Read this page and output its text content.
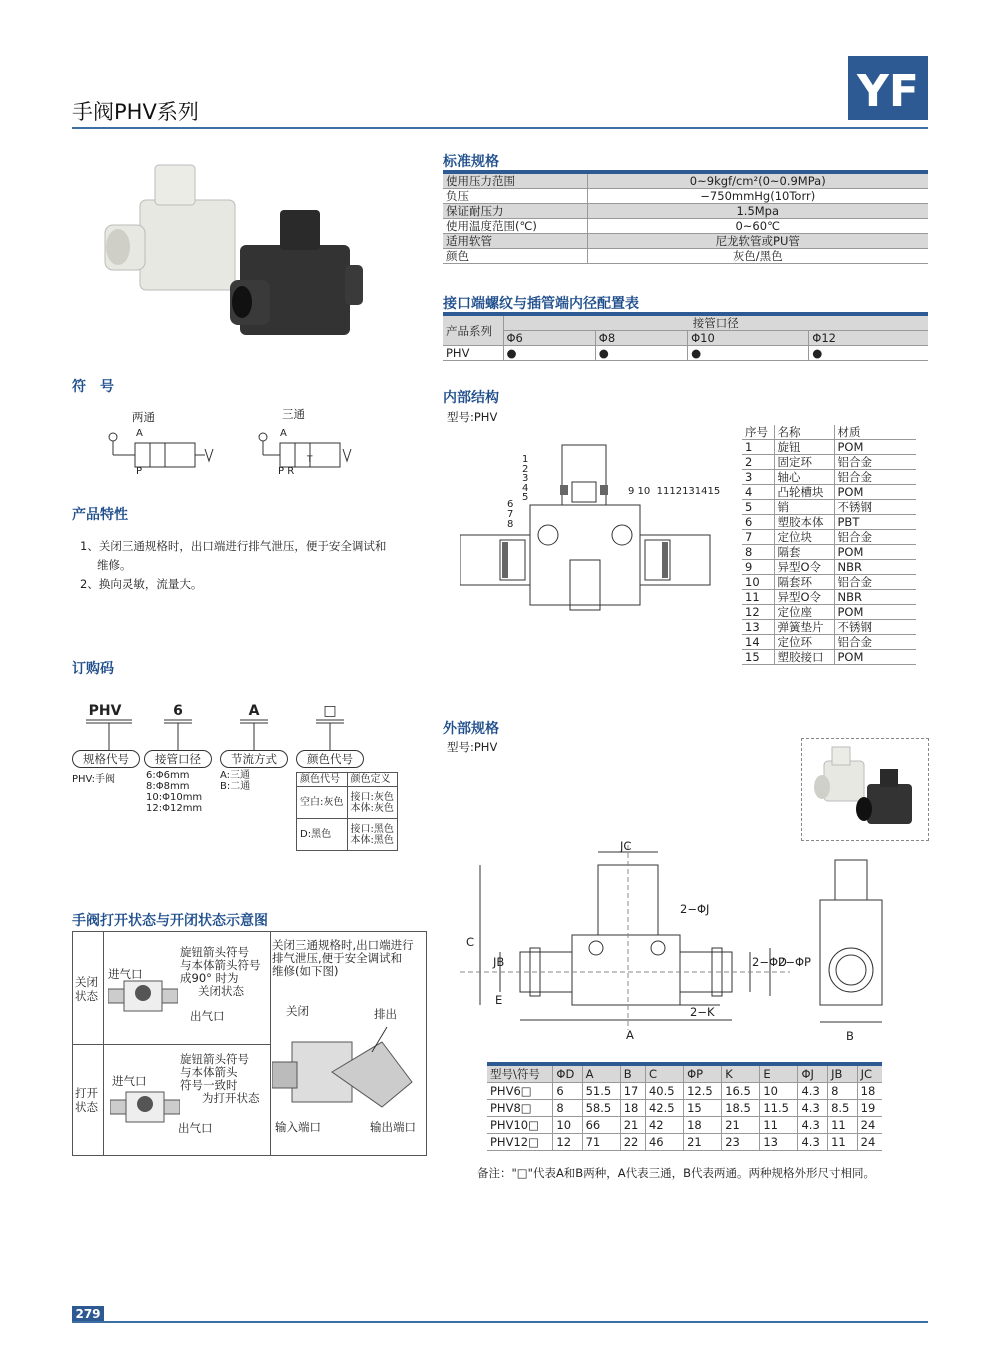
手阀PHV系列	YF
符　号
两通	三通
A
P
A
P R
T
产品特性
1、关闭三通规格时，出口端进行排气泄压，便于安全调试和
维修。
2、换向灵敏，流量大。
订购码
PHV	6	A	□
规格代号	接管口径	节流方式	颜色代号
PHV:手阀	6:Φ6mm
8:Φ8mm
10:Φ10mm
12:Φ12mm
A:三通
B:二通
颜色代号	颜色定义
空白:灰色	接口:灰色
本体:灰色

D:黑色	接口:黑色
本体:黑色
手阀打开状态与开闭状态示意图
关闭状态
打开状态
进气口
出气口
旋钮箭头符号
与本体箭头符号
成90° 时为
关闭状态
进气口
出气口
旋钮箭头符号
与本体箭头
符号一致时
为打开状态
关闭三通规格时,出口端进行
排气泄压,便于安全调试和
维修(如下图)
关闭	排出
输入端口	输出端口
标准规格
使用压力范围	0~9kgf/cm²(0~0.9MPa)
负压	−750mmHg(10Torr)
保证耐压力	1.5Mpa
使用温度范围(℃)	0~60℃
适用软管	尼龙软管或PU管
颜色	灰色/黑色
接口端螺纹与插管端内径配置表
产品系列	接管口径			
	Φ6	Φ8	Φ10	Φ12
PHV	●	●	●	●
内部结构
型号:PHV
1
2
3
4
5
6
7
8
9 10  1112131415
序号	名称	材质
1	旋钮	POM
2	固定环	铝合金
3	轴心	铝合金
4	凸轮槽块	POM
5	销	不锈钢
6	塑胶本体	PBT
7	定位块	铝合金
8	隔套	POM
9	异型O令	NBR
10	隔套环	铝合金
11	异型O令	NBR
12	定位座	POM
13	弹簧垫片	不锈钢
14	定位环	铝合金
15	塑胶接口	POM
外部规格
型号:PHV
JC
2−ΦJ
C
JB
E
2−ΦD
2−ΦP
2−K
A	B
型号\符号	ΦD	A	B	C	ΦP	K	E	ΦJ	JB	JC
PHV6□	6	51.5	17	40.5	12.5	16.5	10	4.3	8	18
PHV8□	8	58.5	18	42.5	15	18.5	11.5	4.3	8.5	19
PHV10□	10	66	21	42	18	21	11	4.3	11	24
PHV12□	12	71	22	46	21	23	13	4.3	11	24
备注："□"代表A和B两种，A代表三通，B代表两通。两种规格外形尺寸相同。
279
